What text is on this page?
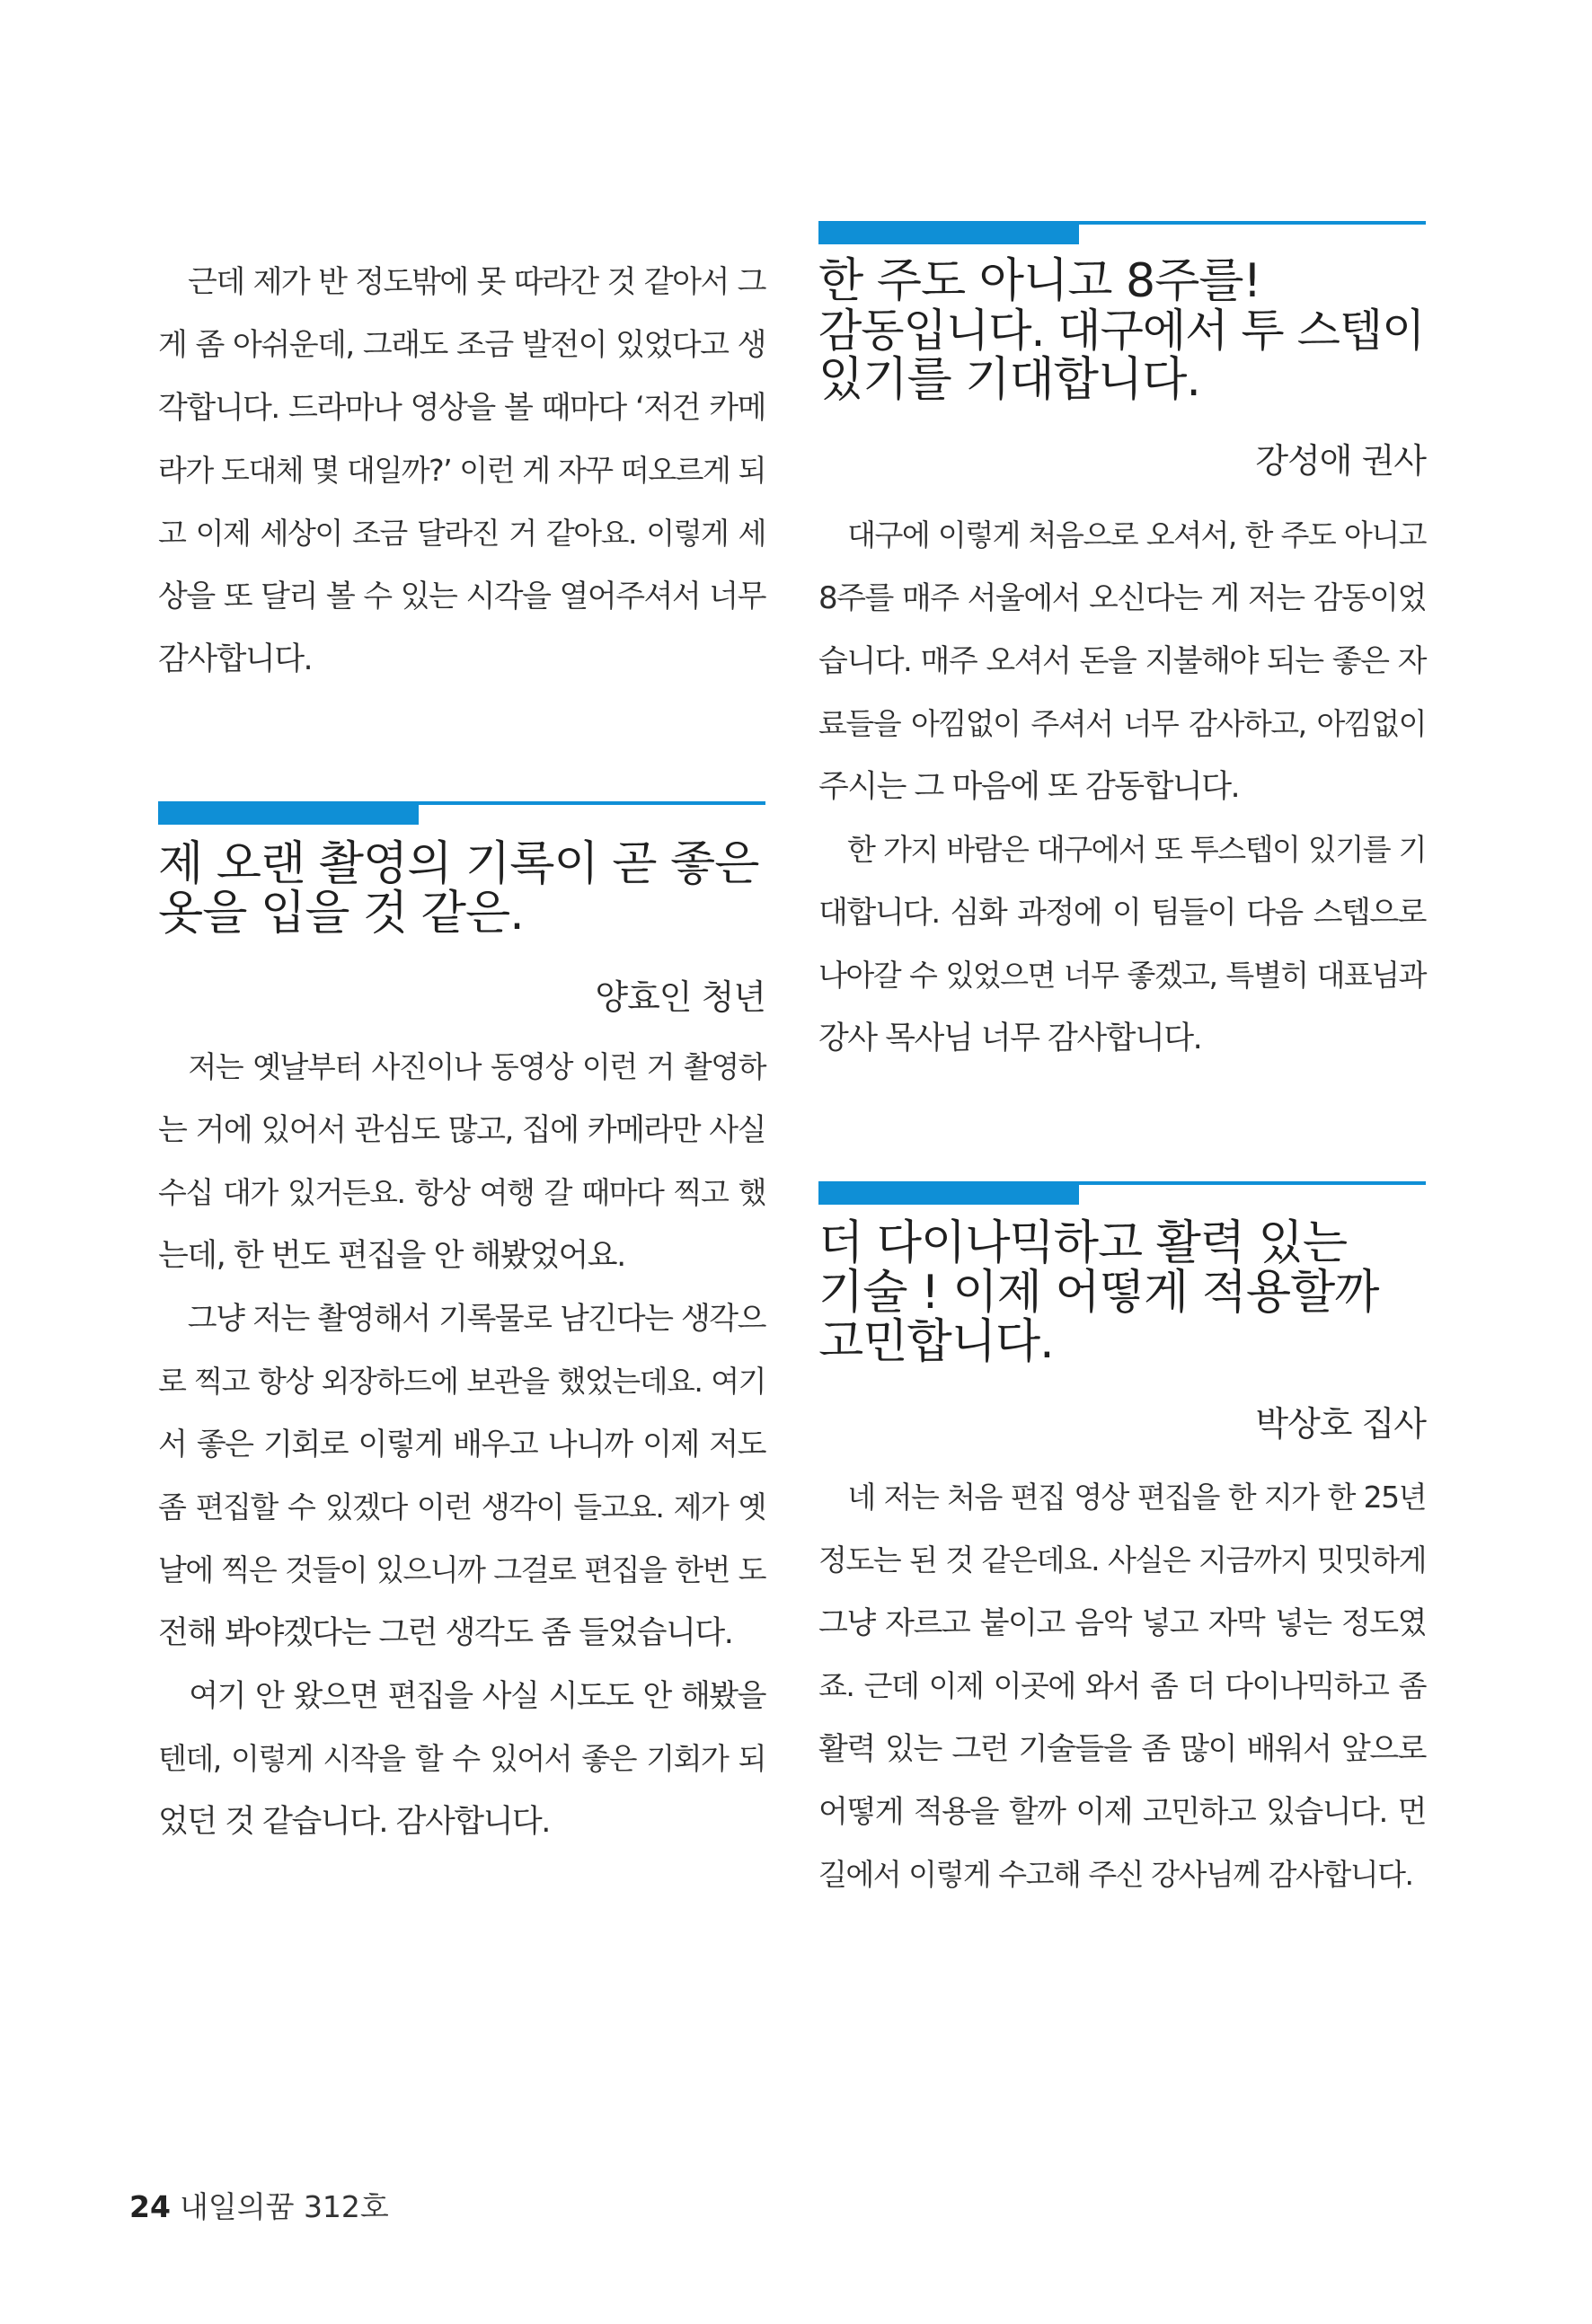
　근데 제가 반 정도밖에 못 따라간 것 같아서 그
게 좀 아쉬운데, 그래도 조금 발전이 있었다고 생
각합니다. 드라마나 영상을 볼 때마다 ‘저건 카메
라가 도대체 몇 대일까?’ 이런 게 자꾸 떠오르게 되
고 이제 세상이 조금 달라진 거 같아요. 이렇게 세
상을 또 달리 볼 수 있는 시각을 열어주셔서 너무
감사합니다.
제 오랜 촬영의 기록이 곧 좋은
옷을 입을 것 같은.
양효인 청년
　저는 옛날부터 사진이나 동영상 이런 거 촬영하
는 거에 있어서 관심도 많고, 집에 카메라만 사실
수십 대가 있거든요. 항상 여행 갈 때마다 찍고 했
는데, 한 번도 편집을 안 해봤었어요.
　그냥 저는 촬영해서 기록물로 남긴다는 생각으
로 찍고 항상 외장하드에 보관을 했었는데요. 여기
서 좋은 기회로 이렇게 배우고 나니까 이제 저도
좀 편집할 수 있겠다 이런 생각이 들고요. 제가 옛
날에 찍은 것들이 있으니까 그걸로 편집을 한번 도
전해 봐야겠다는 그런 생각도 좀 들었습니다.
　여기 안 왔으면 편집을 사실 시도도 안 해봤을
텐데, 이렇게 시작을 할 수 있어서 좋은 기회가 되
었던 것 같습니다. 감사합니다.
한 주도 아니고 8주를!
감동입니다. 대구에서 투 스텝이
있기를 기대합니다.
강성애 권사
　대구에 이렇게 처음으로 오셔서, 한 주도 아니고
8주를 매주 서울에서 오신다는 게 저는 감동이었
습니다. 매주 오셔서 돈을 지불해야 되는 좋은 자
료들을 아낌없이 주셔서 너무 감사하고, 아낌없이
주시는 그 마음에 또 감동합니다.
　한 가지 바람은 대구에서 또 투스텝이 있기를 기
대합니다. 심화 과정에 이 팀들이 다음 스텝으로
나아갈 수 있었으면 너무 좋겠고, 특별히 대표님과
강사 목사님 너무 감사합니다.
더 다이나믹하고 활력 있는
기술 ! 이제 어떻게 적용할까
고민합니다.
박상호 집사
　네 저는 처음 편집 영상 편집을 한 지가 한 25년
정도는 된 것 같은데요. 사실은 지금까지 밋밋하게
그냥 자르고 붙이고 음악 넣고 자막 넣는 정도였
죠. 근데 이제 이곳에 와서 좀 더 다이나믹하고 좀
활력 있는 그런 기술들을 좀 많이 배워서 앞으로
어떻게 적용을 할까 이제 고민하고 있습니다. 먼
길에서 이렇게 수고해 주신 강사님께 감사합니다.
24 내일의꿈 312호
